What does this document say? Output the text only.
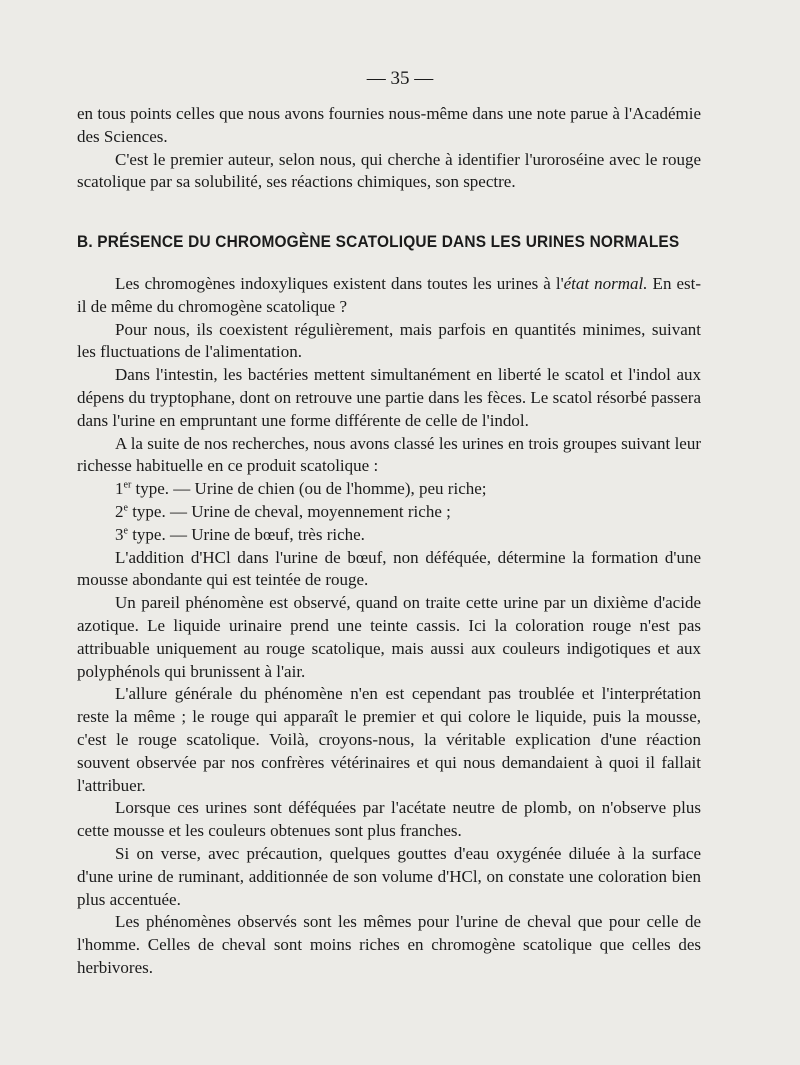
— 35 —

en tous points celles que nous avons fournies nous-même dans une note parue à l'Académie des Sciences.

C'est le premier auteur, selon nous, qui cherche à identifier l'uroroséine avec le rouge scatolique par sa solubilité, ses réactions chimiques, son spectre.

B. PRÉSENCE DU CHROMOGÈNE SCATOLIQUE DANS LES URINES NORMALES

Les chromogènes indoxyliques existent dans toutes les urines à l'état normal. En est-il de même du chromogène scatolique ?

Pour nous, ils coexistent régulièrement, mais parfois en quantités minimes, suivant les fluctuations de l'alimentation.

Dans l'intestin, les bactéries mettent simultanément en liberté le scatol et l'indol aux dépens du tryptophane, dont on retrouve une partie dans les fèces. Le scatol résorbé passera dans l'urine en empruntant une forme différente de celle de l'indol.

A la suite de nos recherches, nous avons classé les urines en trois groupes suivant leur richesse habituelle en ce produit scatolique :

1er type. — Urine de chien (ou de l'homme), peu riche;

2e type. — Urine de cheval, moyennement riche ;

3e type. — Urine de bœuf, très riche.

L'addition d'HCl dans l'urine de bœuf, non déféquée, détermine la formation d'une mousse abondante qui est teintée de rouge.

Un pareil phénomène est observé, quand on traite cette urine par un dixième d'acide azotique. Le liquide urinaire prend une teinte cassis. Ici la coloration rouge n'est pas attribuable uniquement au rouge scatolique, mais aussi aux couleurs indigotiques et aux polyphénols qui brunissent à l'air.

L'allure générale du phénomène n'en est cependant pas troublée et l'interprétation reste la même ; le rouge qui apparaît le premier et qui colore le liquide, puis la mousse, c'est le rouge scatolique. Voilà, croyons-nous, la véritable explication d'une réaction souvent observée par nos confrères vétérinaires et qui nous demandaient à quoi il fallait l'attribuer.

Lorsque ces urines sont déféquées par l'acétate neutre de plomb, on n'observe plus cette mousse et les couleurs obtenues sont plus franches.

Si on verse, avec précaution, quelques gouttes d'eau oxygénée diluée à la surface d'une urine de ruminant, additionnée de son volume d'HCl, on constate une coloration bien plus accentuée.

Les phénomènes observés sont les mêmes pour l'urine de cheval que pour celle de l'homme. Celles de cheval sont moins riches en chromogène scatolique que celles des herbivores.
